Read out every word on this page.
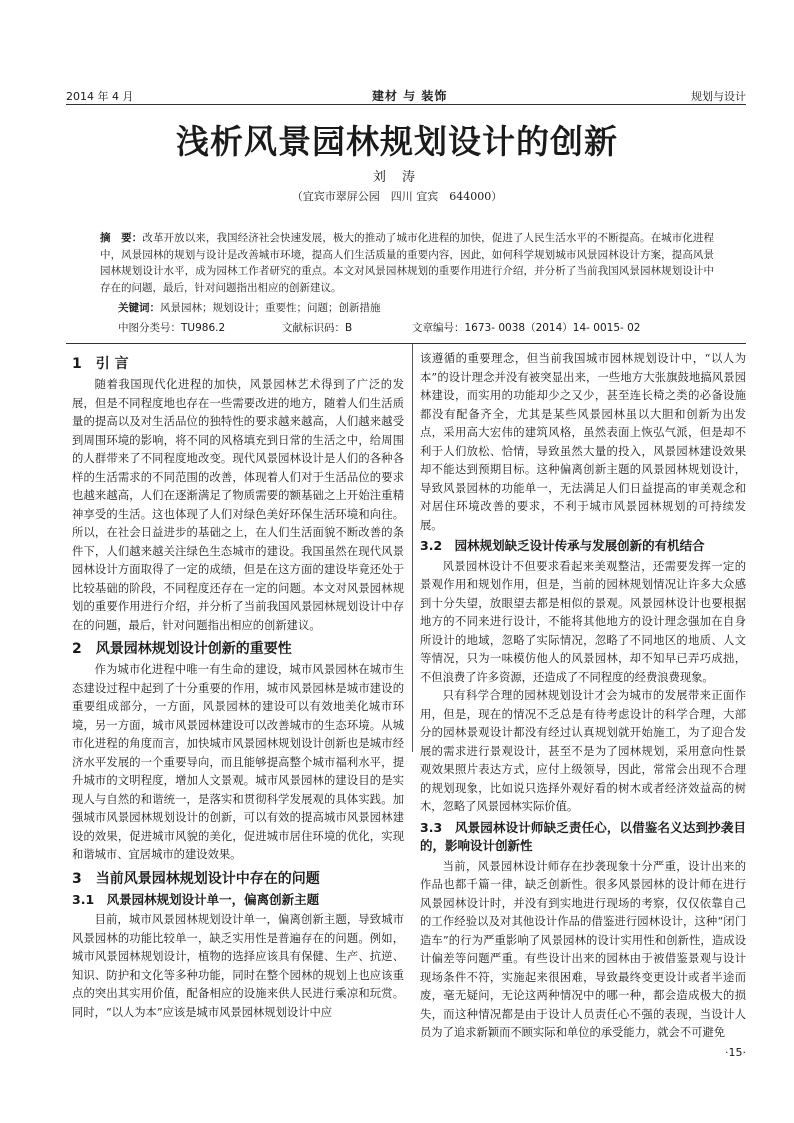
2014 年 4 月	建材 与 装饰	规划与设计
浅析风景园林规划设计的创新
刘 涛
（宜宾市翠屏公园　四川 宜宾　644000）
摘　要：改革开放以来，我国经济社会快速发展，极大的推动了城市化进程的加快，促进了人民生活水平的不断提高。在城市化进程中，风景园林的规划与设计是改善城市环境，提高人们生活质量的重要内容，因此，如何科学规划城市风景园林设计方案，提高风景园林规划设计水平，成为园林工作者研究的重点。本文对风景园林规划的重要作用进行介绍，并分析了当前我国风景园林规划设计中存在的问题，最后，针对问题指出相应的创新建议。
关键词：风景园林；规划设计；重要性；问题；创新措施
中图分类号：TU986.2	文献标识码：B	文章编号：1673- 0038（2014）14- 0015- 02
1　引 言

随着我国现代化进程的加快，风景园林艺术得到了广泛的发展，但是不同程度地也存在一些需要改进的地方，随着人们生活质量的提高以及对生活品位的独特性的要求越来越高，人们越来越受到周围环境的影响，将不同的风格填充到日常的生活之中，给周围的人群带来了不同程度地改变。现代风景园林设计是人们的各种各样的生活需求的不同范围的改善，体现着人们对于生活品位的要求也越来越高，人们在逐渐满足了物质需要的额基础之上开始注重精神享受的生活。这也体现了人们对绿色美好环保生活环境和向往。所以，在社会日益进步的基础之上，在人们生活面貌不断改善的条件下，人们越来越关注绿色生态城市的建设。我国虽然在现代风景园林设计方面取得了一定的成绩，但是在这方面的建设毕竟还处于比较基础的阶段，不同程度还存在一定的问题。本文对风景园林规划的重要作用进行介绍，并分析了当前我国风景园林规划设计中存在的问题，最后，针对问题指出相应的创新建议。

2　风景园林规划设计创新的重要性

作为城市化进程中唯一有生命的建设，城市风景园林在城市生态建设过程中起到了十分重要的作用，城市风景园林是城市建设的重要组成部分，一方面，风景园林的建设可以有效地美化城市环境，另一方面，城市风景园林建设可以改善城市的生态环境。从城市化进程的角度而言，加快城市风景园林规划设计创新也是城市经济水平发展的一个重要导向，而且能够提高整个城市福利水平，提升城市的文明程度，增加人文景观。城市风景园林的建设目的是实现人与自然的和谐统一，是落实和贯彻科学发展观的具体实践。加强城市风景园林规划设计的创新，可以有效的提高城市风景园林建设的效果，促进城市风貌的美化，促进城市居住环境的优化，实现和谐城市、宜居城市的建设效果。

3　当前风景园林规划设计中存在的问题
3.1　风景园林规划设计单一，偏离创新主题

目前，城市风景园林规划设计单一，偏离创新主题，导致城市风景园林的功能比较单一，缺乏实用性是普遍存在的问题。例如，城市风景园林规划设计，植物的选择应该具有保健、生产、抗逆、知识、防护和文化等多种功能，同时在整个园林的规划上也应该重点的突出其实用价值，配备相应的设施来供人民进行乘凉和玩赏。同时，“以人为本”应该是城市风景园林规划设计中应

该遵循的重要理念，但当前我国城市园林规划设计中，“以人为本”的设计理念并没有被突显出来，一些地方大张旗鼓地搞风景园林建设，而实用的功能却少之又少，甚至连长椅之类的必备设施都没有配备齐全，尤其是某些风景园林虽以大胆和创新为出发点，采用高大宏伟的建筑风格，虽然表面上恢弘气派，但是却不利于人们放松、恰情，导致虽然大量的投入，风景园林建设效果却不能达到预期目标。这种偏离创新主题的风景园林规划设计，导致风景园林的功能单一，无法满足人们日益提高的审美观念和对居住环境改善的要求，不利于城市风景园林规划的可持续发展。

3.2　园林规划缺乏设计传承与发展创新的有机结合

风景园林设计不但要求看起来美观整洁，还需要发挥一定的景观作用和规划作用，但是，当前的园林规划情况让许多大众感到十分失望，放眼望去都是相似的景观。风景园林设计也要根据地方的不同来进行设计，不能将其他地方的设计理念强加在自身所设计的地域，忽略了实际情况，忽略了不同地区的地质、人文等情况，只为一味模仿他人的风景园林，却不知早已弄巧成拙，不但浪费了许多资源，还造成了不同程度的经费浪费现象。

只有科学合理的园林规划设计才会为城市的发展带来正面作用，但是，现在的情况不乏总是有待考虑设计的科学合理，大部分的园林景观设计都没有经过认真规划就开始施工，为了迎合发展的需求进行景观设计，甚至不是为了园林规划，采用意向性景观效果照片表达方式，应付上级领导，因此，常常会出现不合理的规划现象，比如说只选择外观好看的树木或者经济效益高的树木，忽略了风景园林实际价值。

3.3　风景园林设计师缺乏责任心，以借鉴名义达到抄袭目的，影响设计创新性

当前，风景园林设计师存在抄袭现象十分严重，设计出来的作品也都千篇一律，缺乏创新性。很多风景园林的设计师在进行风景园林设计时，并没有到实地进行现场的考察，仅仅依靠自己的工作经验以及对其他设计作品的借鉴进行园林设计，这种“闭门造车”的行为严重影响了风景园林的设计实用性和创新性，造成设计偏差等问题严重。有些设计出来的园林由于被借鉴景观与设计现场条件不符，实施起来很困难，导致最终变更设计或者半途而废，毫无疑问，无论这两种情况中的哪一种，都会造成极大的损失，而这种情况都是由于设计人员责任心不强的表现，当设计人员为了追求新颖而不顾实际和单位的承受能力，就会不可避免

·15·
